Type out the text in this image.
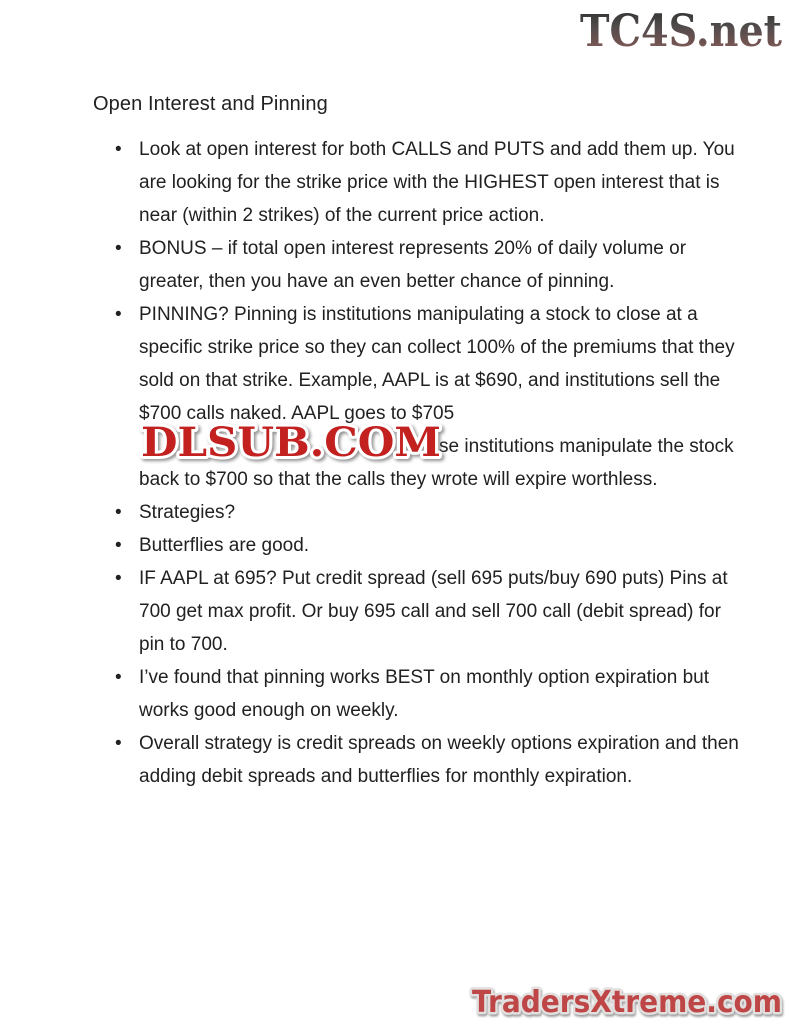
TC4S.net
Open Interest and Pinning
• Look at open interest for both CALLS and PUTS and add them up. You are looking for the strike price with the HIGHEST open interest that is near (within 2 strikes) of the current price action.
• BONUS – if total open interest represents 20% of daily volume or greater, then you have an even better chance of pinning.
• PINNING? Pinning is institutions manipulating a stock to close at a specific strike price so they can collect 100% of the premiums that they sold on that strike. Example, AAPL is at $690, and institutions sell the $700 calls naked. AAPL goes to $705
DLSUB.COM
se institutions manipulate the stock back to $700 so that the calls they wrote will expire worthless.
• Strategies?
• Butterflies are good.
• IF AAPL at 695? Put credit spread (sell 695 puts/buy 690 puts) Pins at 700 get max profit. Or buy 695 call and sell 700 call (debit spread) for pin to 700.
• I’ve found that pinning works BEST on monthly option expiration but works good enough on weekly.
• Overall strategy is credit spreads on weekly options expiration and then adding debit spreads and butterflies for monthly expiration.
TradersXtreme.com
